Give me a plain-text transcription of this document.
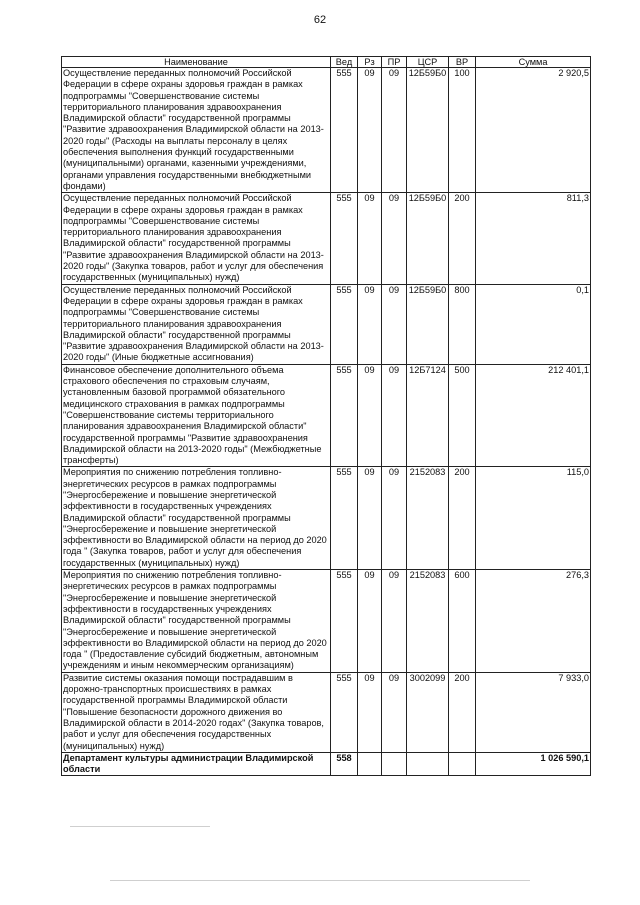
62
Наименование	Вед	Рз	ПР	ЦСР	ВР	Сумма
Осуществление переданных полномочий Российской Федерации в сфере охраны здоровья граждан в рамках подпрограммы "Совершенствование системы территориального планирования здравоохранения Владимирской области" государственной программы "Развитие здравоохранения Владимирской области на 2013-2020 годы" (Расходы на выплаты персоналу в целях обеспечения выполнения функций государственными (муниципальными) органами, казенными учреждениями, органами управления государственными внебюджетными фондами)	555	09	09	12Б59Б0	100	2 920,5
Осуществление переданных полномочий Российской Федерации в сфере охраны здоровья граждан в рамках подпрограммы "Совершенствование системы территориального планирования здравоохранения Владимирской области" государственной программы "Развитие здравоохранения Владимирской области на 2013-2020 годы" (Закупка товаров, работ и услуг для обеспечения государственных (муниципальных) нужд)	555	09	09	12Б59Б0	200	811,3
Осуществление переданных полномочий Российской Федерации в сфере охраны здоровья граждан в рамках подпрограммы "Совершенствование системы территориального планирования здравоохранения Владимирской области" государственной программы "Развитие здравоохранения Владимирской области на 2013-2020 годы" (Иные бюджетные ассигнования)	555	09	09	12Б59Б0	800	0,1
Финансовое обеспечение дополнительного объема страхового обеспечения по страховым случаям, установленным базовой программой обязательного медицинского страхования в рамках подпрограммы "Совершенствование системы территориального планирования здравоохранения Владимирской области" государственной программы "Развитие здравоохранения Владимирской области на 2013-2020 годы" (Межбюджетные трансферты)	555	09	09	12Б7124	500	212 401,1
Мероприятия по снижению потребления топливно-энергетических ресурсов в рамках подпрограммы "Энергосбережение и повышение энергетической эффективности в государственных учреждениях Владимирской области" государственной программы "Энергосбережение и повышение энергетической эффективности во Владимирской области на период до 2020 года " (Закупка товаров, работ и услуг для обеспечения государственных (муниципальных) нужд)	555	09	09	2152083	200	115,0
Мероприятия по снижению потребления топливно-энергетических ресурсов в рамках подпрограммы "Энергосбережение и повышение энергетической эффективности в государственных учреждениях Владимирской области" государственной программы "Энергосбережение и повышение энергетической эффективности во Владимирской области на период до 2020 года " (Предоставление субсидий бюджетным, автономным учреждениям и иным некоммерческим организациям)	555	09	09	2152083	600	276,3
Развитие системы оказания помощи пострадавшим в дорожно-транспортных происшествиях в рамках государственной программы Владимирской области "Повышение безопасности дорожного движения во Владимирской области в 2014-2020 годах" (Закупка товаров, работ и услуг для обеспечения государственных (муниципальных) нужд)	555	09	09	3002099	200	7 933,0
Департамент культуры администрации Владимирской области	558					1 026 590,1
